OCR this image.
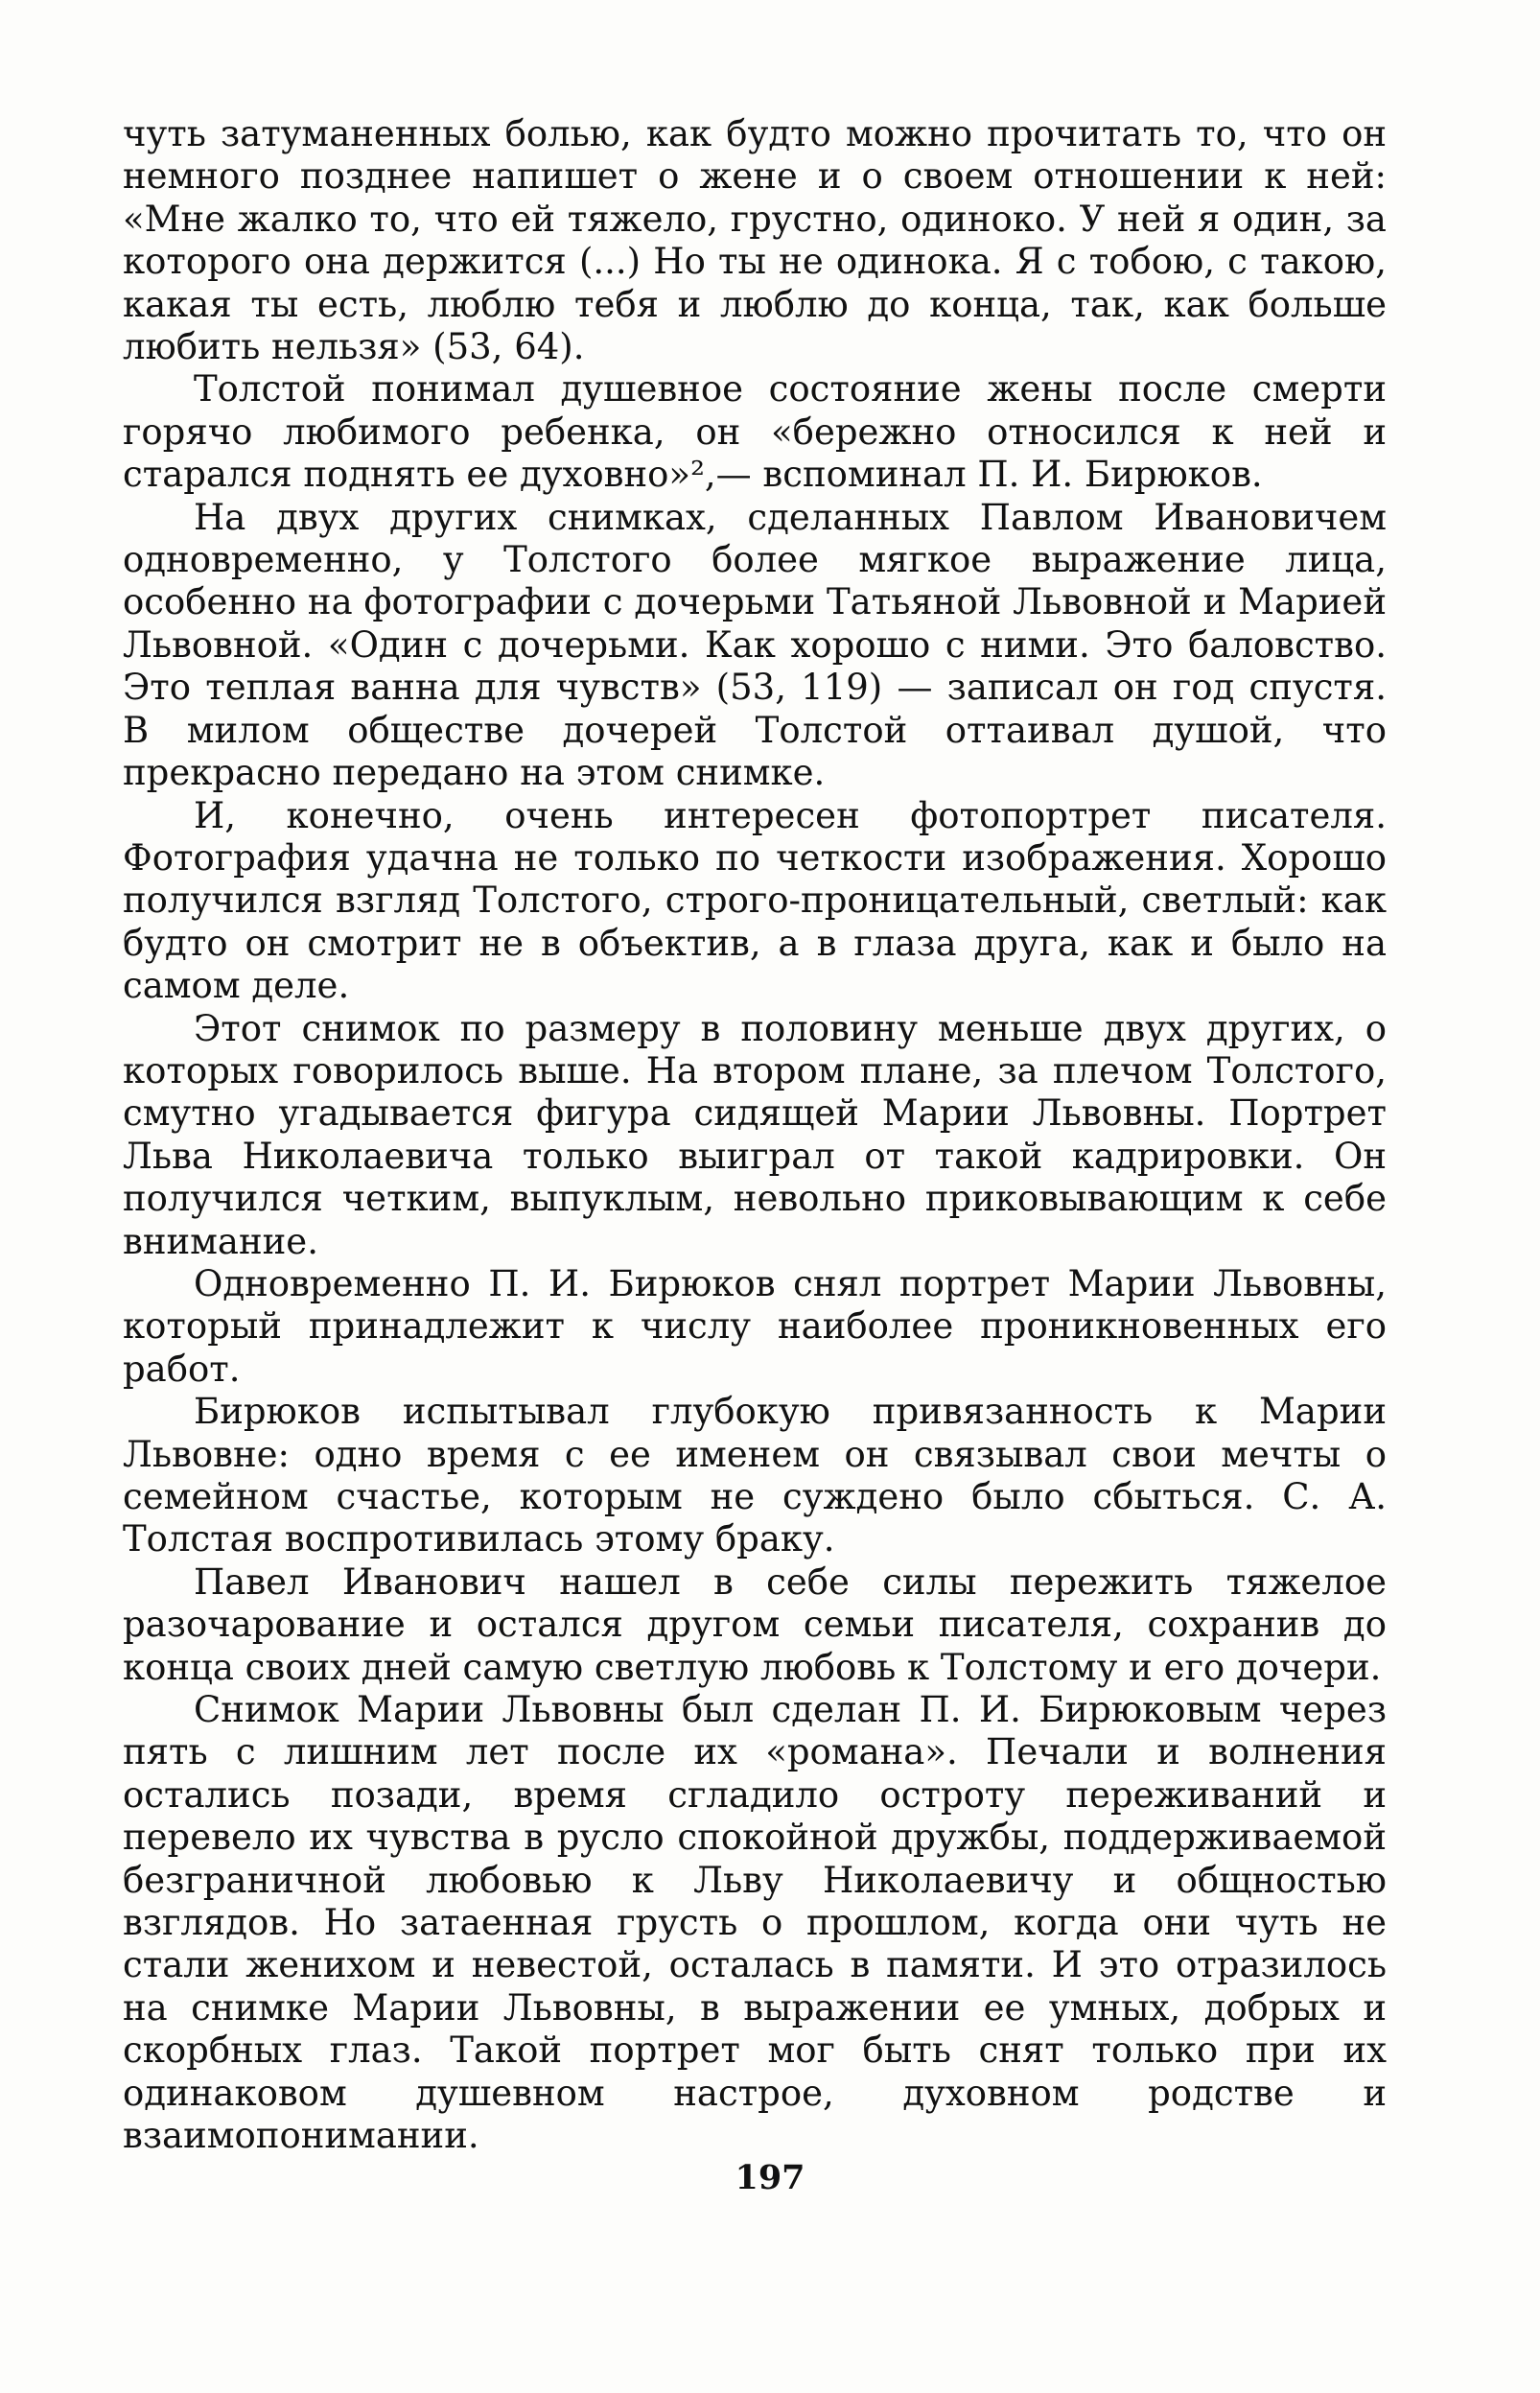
чуть затуманенных болью, как будто можно прочитать то, что он немного позднее напишет о жене и о своем отношении к ней: «Мне жалко то, что ей тяжело, грустно, одиноко. У ней я один, за которого она держится (...) Но ты не одинока. Я с тобою, с такою, какая ты есть, люблю тебя и люблю до конца, так, как больше любить нельзя» (53, 64).

Толстой понимал душевное состояние жены после смерти горячо любимого ребенка, он «бережно относился к ней и старался поднять ее духовно»²,— вспоминал П. И. Бирюков.

На двух других снимках, сделанных Павлом Ивановичем одновременно, у Толстого более мягкое выражение лица, особенно на фотографии с дочерьми Татьяной Львовной и Марией Львовной. «Один с дочерьми. Как хорошо с ними. Это баловство. Это теплая ванна для чувств» (53, 119) — записал он год спустя. В милом обществе дочерей Толстой оттаивал душой, что прекрасно передано на этом снимке.

И, конечно, очень интересен фотопортрет писателя. Фотография удачна не только по четкости изображения. Хорошо получился взгляд Толстого, строго-проницательный, светлый: как будто он смотрит не в объектив, а в глаза друга, как и было на самом деле.

Этот снимок по размеру в половину меньше двух других, о которых говорилось выше. На втором плане, за плечом Толстого, смутно угадывается фигура сидящей Марии Львовны. Портрет Льва Николаевича только выиграл от такой кадрировки. Он получился четким, выпуклым, невольно приковывающим к себе внимание.

Одновременно П. И. Бирюков снял портрет Марии Львовны, который принадлежит к числу наиболее проникновенных его работ.

Бирюков испытывал глубокую привязанность к Марии Львовне: одно время с ее именем он связывал свои мечты о семейном счастье, которым не суждено было сбыться. С. А. Толстая воспротивилась этому браку.

Павел Иванович нашел в себе силы пережить тяжелое разочарование и остался другом семьи писателя, сохранив до конца своих дней самую светлую любовь к Толстому и его дочери.

Снимок Марии Львовны был сделан П. И. Бирюковым через пять с лишним лет после их «романа». Печали и волнения остались позади, время сгладило остроту переживаний и перевело их чувства в русло спокойной дружбы, поддерживаемой безграничной любовью к Льву Николаевичу и общностью взглядов. Но затаенная грусть о прошлом, когда они чуть не стали женихом и невестой, осталась в памяти. И это отразилось на снимке Марии Львовны, в выражении ее умных, добрых и скорбных глаз. Такой портрет мог быть снят только при их одинаковом душевном настрое, духовном родстве и взаимопонимании.

197
